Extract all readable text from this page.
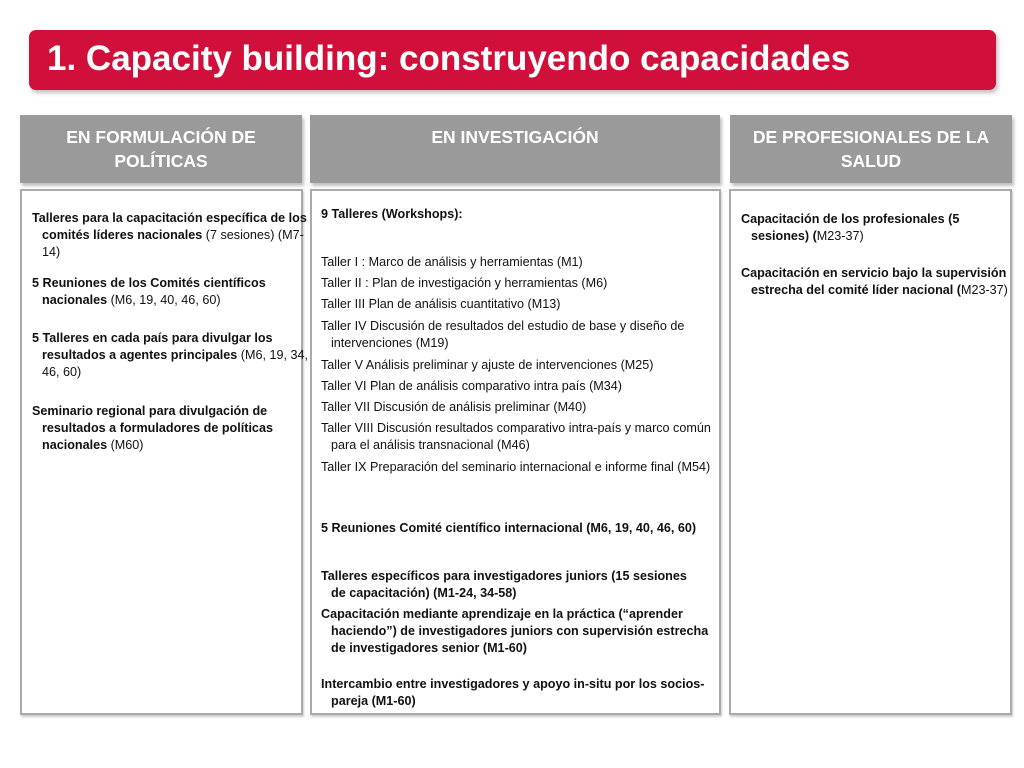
1. Capacity building: construyendo capacidades
EN FORMULACIÓN DE
POLÍTICAS
EN INVESTIGACIÓN	DE PROFESIONALES DE LA
SALUD
Talleres para la capacitación específica de los comités líderes nacionales (7 sesiones) (M7-14)
5 Reuniones de los Comités científicos nacionales (M6, 19, 40, 46, 60)
5 Talleres en cada país para divulgar los resultados a agentes principales (M6, 19, 34, 46, 60)
Seminario regional para divulgación de resultados a formuladores de políticas nacionales (M60)
9 Talleres (Workshops):
Taller I : Marco de análisis y herramientas (M1)
Taller II : Plan de investigación y herramientas (M6)
Taller III Plan de análisis cuantitativo (M13)
Taller IV Discusión de resultados del estudio de base y diseño de intervenciones (M19)
Taller V Análisis preliminar y ajuste de intervenciones (M25)
Taller VI Plan de análisis comparativo intra país (M34)
Taller VII Discusión de análisis preliminar (M40)
Taller VIII Discusión resultados comparativo intra-país y marco común para el análisis transnacional (M46)
Taller IX Preparación del seminario internacional e informe final (M54)
5 Reuniones Comité científico internacional (M6, 19, 40, 46, 60)
Talleres específicos para investigadores juniors (15 sesiones de capacitación) (M1-24, 34-58)
Capacitación mediante aprendizaje en la práctica (“aprender haciendo”) de investigadores juniors con supervisión estrecha de investigadores senior (M1-60)
Intercambio entre investigadores y apoyo in-situ por los socios-pareja (M1-60)
Capacitación de los profesionales (5 sesiones) (M23-37)
Capacitación en servicio bajo la supervisión estrecha del comité líder nacional (M23-37)
